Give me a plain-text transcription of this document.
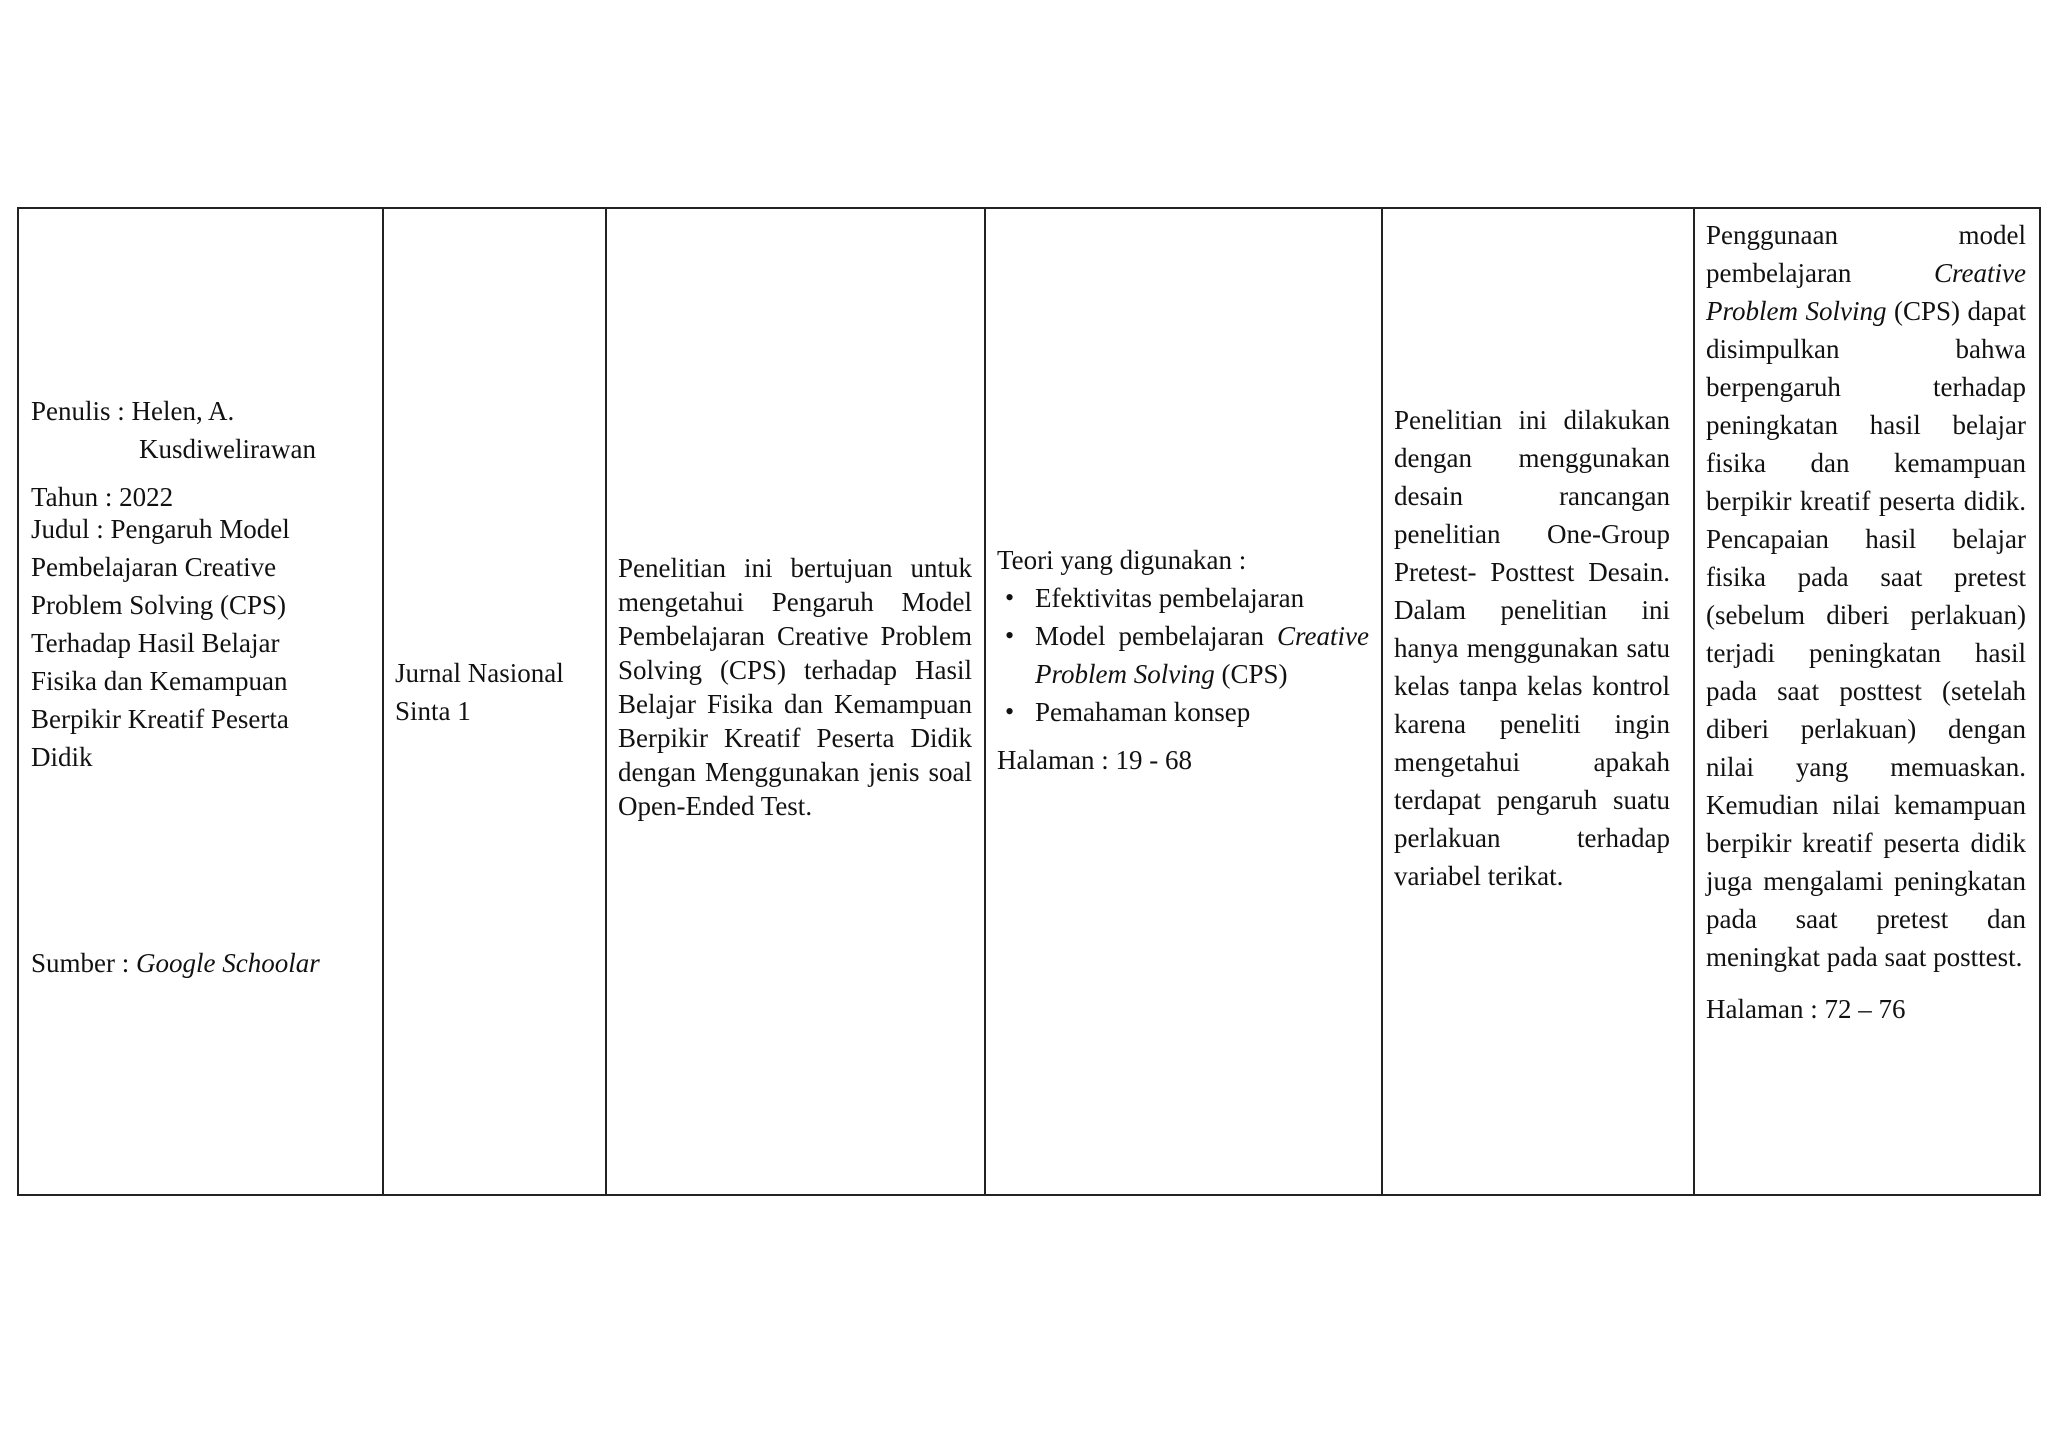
Penulis : Helen, A.
Kusdiwelirawan
Tahun : 2022
Judul : Pengaruh Model
Pembelajaran Creative
Problem Solving (CPS)
Terhadap Hasil Belajar
Fisika dan Kemampuan
Berpikir Kreatif Peserta
Didik
Sumber : Google Schoolar
Jurnal Nasional
Sinta 1
Penelitian ini bertujuan untuk mengetahui Pengaruh Model Pembelajaran Creative Problem Solving (CPS) terhadap Hasil Belajar Fisika dan Kemampuan Berpikir Kreatif Peserta Didik dengan Menggunakan jenis soal Open-Ended Test.
Teori yang digunakan :
• Efektivitas pembelajaran
• Model pembelajaran Creative Problem Solving (CPS)
• Pemahaman konsep
Halaman : 19 - 68
Penelitian ini dilakukan dengan menggunakan desain rancangan penelitian One-Group Pretest- Posttest Desain. Dalam penelitian ini hanya menggunakan satu kelas tanpa kelas kontrol karena peneliti ingin mengetahui apakah terdapat pengaruh suatu perlakuan terhadap variabel terikat.
Penggunaan model pembelajaran Creative Problem Solving (CPS) dapat disimpulkan bahwa berpengaruh terhadap peningkatan hasil belajar fisika dan kemampuan berpikir kreatif peserta didik. Pencapaian hasil belajar fisika pada saat pretest (sebelum diberi perlakuan) terjadi peningkatan hasil pada saat posttest (setelah diberi perlakuan) dengan nilai yang memuaskan. Kemudian nilai kemampuan berpikir kreatif peserta didik juga mengalami peningkatan pada saat pretest dan meningkat pada saat posttest.
Halaman : 72 – 76
